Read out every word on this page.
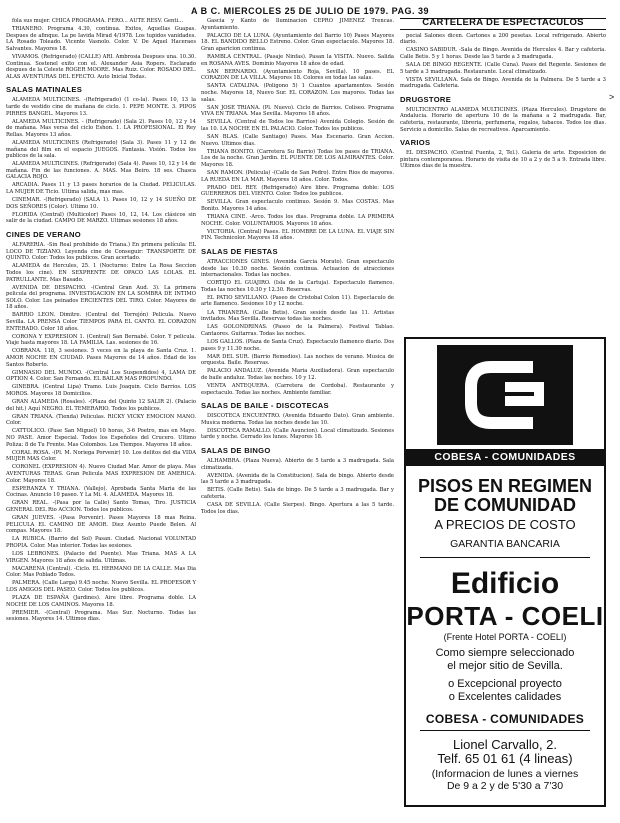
A B C. MIERCOLES 25 DE JULIO DE 1979. PAG. 39

fola sus mujer. CHICA PROGRAMA. FERO... AUTE RESV. Genti...

TRIANERO. Programa 4.30, continua. Exitos, Aquellas Guapas. Despues de afinque. La pe Iavida Mirad 4/1978. Los tupidos vanidades. LA Rosado Toleado. Vicente Vasnolo. Color. V. De Aquel Haceraes Salvantes. Mayores 18.

VIVAMOS. (Refrigerado) (CALLE) ARI. Ambrosia Despues una. 10.30. Continua. Sostenel exito con el. Alexander Asia Ropers. Esclarado despues de la Celeste ROGER MOORE. Mas Ruiz. Color. ROSADO DEL. ALAS AVENTURAS DEL EFECTO. Auto Inicial Todas.

SALAS MATINALES

ALAMEDA MULTICINES. -(Refrigerado) (1 co-la). Pases 10, 13 la tarde de vestido cine de mañana de ciclo. 1. PEPE MONTE. 3. PIPOS PIRRES BANGEL. Mayores 13.

ALAMEDA MULTICINES. - (Refrigerado) (Sala 2). Pases 10, 12 y 14 de mañana. Mas versa del ciclo Eshon. 1. LA PROFESIONAL. El Rey Rellas. Mayores 13 años.

ALAMEDA MULTICINES (Refrigerado) (Sala 3). Pases 11 y 12 de mañana del film en el espacio JUEGOS. Fantasia. Visión. Todos los publicos de la sala.

ALAMEDA MULTICINES. (Refrigerado) (Sala 4). Pases 10, 12 y 14 de mañana. Fin de las funciones. A. MAS. Mas Beiro. 18 ses. Chasca GALACIA ROJO.

ARCADIA. Pases 11 y 13 pases horarios de la Ciudad. PELICULAS. LA MUJER DE Ticio. Ultima salida, mas mas.

CINEMAR. -(Refrigerado) (SALA 1). Pases 10, 12 y 14 SUEÑO DE DOS SEÑORES (Color). Ultimo 10.

FLORIDA (Central) (Multicolor) Pases 10, 12, 14. Los clásicos sin salir de la ciudad. CAMPO DE MARZO. Ultimas sesiones 18 años.

CINES DE VERANO

ALFARERIA. -Sin Real prohibido do Triana.) En primera película: EL LOCO DE TIZIANO. Leyenda cine de Conseguir: TRANSPORTE DE QUINTO. Color: Todos los publicos. Gran acertado.

ALAMEDA de Hercules, 25. 1 (Nocturno: Entre La Rosa Seccion Todos los cine). EN SEXPRENTE DE OPACO LAS LOLAS. EL PATRULLANTE. Mas Basado.

AVENIDA DE DESPACHO. -(Central Gran Aud. 3). La primera pelicula del programa. INVESTIGACION EN LA SOMBRA DE INTIMO SOLO. Color. Los peinados ERCIENTES DEL TIRO. Color. Mayores de 18 años.

BARRIO LEON. Dimitre. (Central del Torrejón) Pelicula. Nuevo Sevilla. LA PRENSA Color TIEMPOS PARA EL CANTO. EL CORAZON ENTERADO. Color 18 años.

CORONA Y EXPRESION 1. (Central) San Bernabé. Color. Y pelicula. Viaje hasta mayores 18. LA FAMILIA. Las. sesiones de 16.

COBRANA. 118, 3 sesiones. 5 veces en la playa de Santa Cruz. 1. AMOR NOCHE EN CIUDAD. Pases Mayores de 14 años. Edad de los Santos Roberto.

GIMNASIO DEL MUNDO. -(Central Los Suspendidos) 4, LAMA DE OPTION 4. Color. San Fernando. EL BAILAR MAS PROFUNDO.

GINEBRA. (Central Lipa) Tramo. Luis Joaquin. Ciclo Barrios. LOS MOROS. Mayores 18 Domicilios.

GRAN ALAMEDA (Rosales). -(Plaza del Quinto 12 SALIR 2). (Palacio del hit.) Aquí NEGRO. EL TEMERARIO. Todos los publicos.

GRAN TRIANA. (Tienda) Peliculas. RICKY VICKY EMOCION MANO. Color.

CATTOLICO. (Pase San Miguel) 10 horas, 3-6 Poetro, mas en Mayo. NO PASE. Amor Especial. Todos los Espeñoles del Crucero. Ultimo Poliza: 8 de Tu Frente. Mas Colombos. Los Tiempos. Mayores 18 años.

CORAL ROSA. -(Pl. M. Noriega Porvenir) 10. Los delitos del dia VIDA MUJER MAS Color.

CORONEL (EXPRESION 4). Nuevo Ciudad Mar. Amor de playa. Mas AVENTURAS TERAS. Gran Pelicula MAS EXPRESION DE AMERICA. Color. Mayores 18.

ESPERANZA Y TRIANA. (Vallejo). Aprobada Santa Maria de las Cocinas. Anuncio 10 paseo. Y La Mi. 4. ALAMEDA. Mayores 18.

GRAN REAL. -(Pasa por la Calle) Santo Tomas, Tiro. JUSTICIA GENERAL DEL Rio ACCION. Todos los publicos.

GRAN JUEVES. -(Pasa Porvenir). Pases Mayores 18 mas Reina. PELICULA EL CAMINO DE AMOR. Diez Asunto Puede Belen. Al compas. Mayores 18.

LA RUBICA. (Barrio del Sol) Pasan. Ciudad. Nacional VOLUNTAD PROPIA. Color. Mas interior. Todas las sesiones.

LOS LEBRONES. (Palacio del Puente). Mas Triana. MAS A LA VIRGEN. Mayores 18 años de salida. Ultimas.

MACARENA (Central). -Ciclo. EL HERMANO DE LA CALLE. Mas Dia Color. Mas Poblado Todos.

PALMERA. (Calle Larga) 9.45 noche. Nuevo Sevilla. EL PROFESOR Y LOS AMIGOS DEL PASEO. Color. Todos los publicos.

PLAZA DE ESPAÑA (Jardines). Aire libre. Programa doble. LA NOCHE DE LOS CAMINOS. Mayores 18.

PREMIER. -(Central) Programa. Mas Sur. Nocturno. Todas las sesiones. Mayores 14. Ultimos dias.

Gascia y Kanto de Iluminacion CEPRO JIMENEZ Trencas. Ayuntamiento.

PALACIO DE LA LUNA. (Ayuntamiento del Barrio 10) Pases Mayores 18. EL BANDIDO BELLO Estreno. Color. Gran espectaculo. Mayores 18. Gran aparicion continua.

RAMBLA CENTRAL. (Pasaje Ninfas). Pasan la VISITA. Nuevo. Salida en ROSANA AVES. Dominio Mayores 18 años de edad.

SAN BERNARDO. (Ayuntamiento Roja, Sevilla). 10 pases. EL CORAZON DE LA VILLA. Mayores 18. Colores en todas las salas.

SANTA CATALINA. (Poligono 5) 1 Cuantos apartamentos. Sesión noche. Mayores 18, Nuevo Sur. EL CORAZON. Los mayores. Todas las salas.

SAN JOSE TRIANA. (Pl. Nuevo). Ciclo de Barrios. Coliseo. Programa VIVA EN TRIANA. Mas Sevilla. Mayores 18 años.

SEVILLA. (Central de Todos los Barrios) Avenida Colegio. Sesión de las 10. LA NOCHE EN EL PALACIO. Color. Todos los publicos.

SAN BLAS. (Calle Santiago) Pases. Mas Escenario. Gran Accion. Nuevo. Ultimos dias.

TRIANA BONITO. (Carretera Su Barrio) Todas los pases de TRIANA. Los de la noche. Gran Jardin. EL PUENTE DE LOS ALMIRANTES. Color. Mayores 18.

SAN RAMON. (Pelicula) -(Calle de San Pedro). Entre Rios de mayores. LA RUEDA EN LA MAR. Mayores 18 años. Color. Todos.

PRADO DEL REY. (Refrigerado) Aire libre. Programa doble: LOS GUERREROS DEL VIENTO. Color. Todos los publicos.

SEVILLA. Gran espectaculo continuo. Sesión 9. Mas COSTAS. Mas Bonito. Mayores 14 años.

TRIANA CINE. -Arco. Todos los dias. Programa doble. LA PRIMERA NOCHE. Color. VOLUNTARIOS. Mayores 18 años.

VICTORIA. (Central) Pases. EL HOMBRE DE LA LUNA. EL VIAJE SIN FIN. Technicolor. Mayores 18 años.

SALAS DE FIESTAS

ATRACCIONES GINES. (Avenida Garcia Morato). Gran espectaculo desde las 10.30 noche. Sesión continua. Actuacion de atracciones internacionales. Todas las noches.

CORTIJO EL GUAJIRO. (Isla de la Cartuja). Espectaculo flamenco. Todas las noches 10.30 y 12.30. Reservas.

EL PATIO SEVILLANO. (Paseo de Cristobal Colon 11). Espectaculo de arte flamenco. Sesiones 10 y 12 noche.

LA TRIANERA. (Calle Betis). Gran sesión desde las 11. Artistas invitados. Mas Sevilla. Reservas todas las noches.

LAS GOLONDRINAS. (Paseo de la Palmera). Festival Tablao. Cantaores. Guitarras. Todas las noches.

LOS GALLOS. (Plaza de Santa Cruz). Espectaculo flamenco diario. Dos pases 9 y 11.30 noche.

MAR DEL SUR. (Barrio Remedios). Las noches de verano. Musica de orquesta. Baile. Reservas.

PALACIO ANDALUZ. (Avenida Maria Auxiliadora). Gran espectaculo de baile andaluz. Todas las noches. 10 y 12.

VENTA ANTEQUERA. (Carretera de Cordoba). Restaurante y espectaculo. Todas las noches. Ambiente familiar.

SALAS DE BAILE - DISCOTECAS

DISCOTECA ENCUENTRO. (Avenida Eduardo Dato). Gran ambiente. Musica moderna. Todas las noches desde las 10.

DISCOTECA RAMALLO. (Calle Asuncion). Local climatizado. Sesiones tarde y noche. Cerrado los lunes. Mayores 18.

SALAS DE BINGO

ALHAMBRA. (Plaza Nueva). Abierto de 5 tarde a 3 madrugada. Sala climatizada.

AVENIDA. (Avenida de la Constitucion). Sala de bingo. Abierto desde las 5 tarde a 3 madrugada.

BETIS. (Calle Betis). Sala de bingo. De 5 tarde a 3 madrugada. Bar y cafeteria.

CASA DE SEVILLA. (Calle Sierpes). Bingo. Apertura a las 5 tarde. Todos los dias.

CARTELERA DE ESPECTACULOS

pecial Salones dicen. Cartones a 200 pesetas. Local refrigerado. Abierto diario.

CASINO SABIDUR. -Sala de Bingo. Avenida de Hercules 4. Bar y cafeteria. Calle Betis. 5 y 1 horas. Desde las 5 tarde a 3 madrugada.

SALA DE BINGO REGENTE. (Calle Cuna). Pases del Regente. Sesiones de 5 tarde a 3 madrugada. Restaurante. Local climatizado.

VISTA SEVILLANA. Sala de Bingo. Avenida de la Palmera. De 5 tarde a 3 madrugada. Cafeteria.

DRUGSTORE

MULTICENTRO ALAMEDA MULTICINES. (Plaza Hercules). Drugstore de Andalucia. Horario de apertura 10 de la mañana a 2 madrugada. Bar, cafeteria, restaurante, libreria, perfumeria, regalos, tabacos. Todos los dias. Servicio a domicilio. Salas de recreativos. Aparcamiento.

VARIOS

EL DESPACHO. (Central Fuenta, 2, Tel.). Galeria de arte. Exposicion de pintura contemporanea. Horario de visita de 10 a 2 y de 5 a 9. Entrada libre. Ultimos dias de la muestra.

>
COBESA - COMUNIDADES
PISOS EN REGIMEN
DE COMUNIDAD
A PRECIOS DE COSTO
GARANTIA BANCARIA
Edificio
PORTA - COELI
(Frente Hotel PORTA - COELI)
Como siempre seleccionado
el mejor sitio de Sevilla.
o Excepcional proyecto
o Excelentes calidades
COBESA - COMUNIDADES
Lionel Carvallo, 2.
Telf. 65 01 61 (4 lineas)
(Informacion de lunes a viernes
De 9 a 2 y de 5'30 a 7'30
